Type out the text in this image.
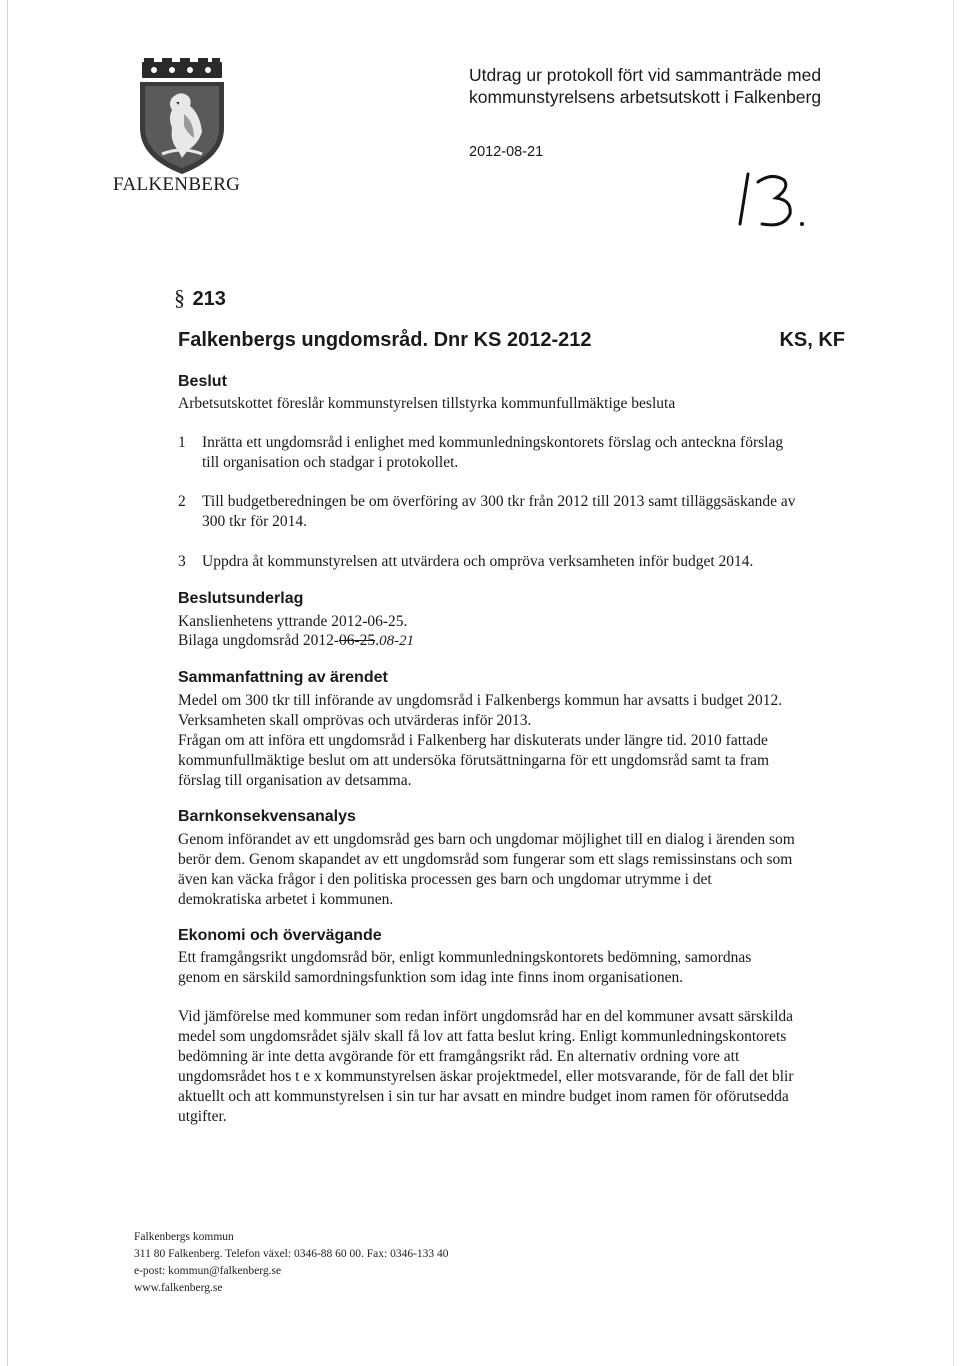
FALKENBERG
Utdrag ur protokoll fört vid sammanträde med
kommunstyrelsens arbetsutskott i Falkenberg
2012-08-21
§ 213
Falkenbergs ungdomsråd. Dnr KS 2012-212	KS, KF
Beslut
Arbetsutskottet föreslår kommunstyrelsen tillstyrka kommunfullmäktige besluta
1 Inrätta ett ungdomsråd i enlighet med kommunledningskontorets förslag och anteckna förslag
till organisation och stadgar i protokollet.
2 Till budgetberedningen be om överföring av 300 tkr från 2012 till 2013 samt tilläggsäskande av
300 tkr för 2014.
3 Uppdra åt kommunstyrelsen att utvärdera och ompröva verksamheten inför budget 2014.
Beslutsunderlag
Kanslienhetens yttrande 2012-06-25.
Bilaga ungdomsråd 2012-06-25. 08-21
Sammanfattning av ärendet
Medel om 300 tkr till införande av ungdomsråd i Falkenbergs kommun har avsatts i budget 2012.
Verksamheten skall omprövas och utvärderas inför 2013.
Frågan om att införa ett ungdomsråd i Falkenberg har diskuterats under längre tid. 2010 fattade
kommunfullmäktige beslut om att undersöka förutsättningarna för ett ungdomsråd samt ta fram
förslag till organisation av detsamma.
Barnkonsekvensanalys
Genom införandet av ett ungdomsråd ges barn och ungdomar möjlighet till en dialog i ärenden som
berör dem. Genom skapandet av ett ungdomsråd som fungerar som ett slags remissinstans och som
även kan väcka frågor i den politiska processen ges barn och ungdomar utrymme i det
demokratiska arbetet i kommunen.
Ekonomi och övervägande
Ett framgångsrikt ungdomsråd bör, enligt kommunledningskontorets bedömning, samordnas
genom en särskild samordningsfunktion som idag inte finns inom organisationen.
Vid jämförelse med kommuner som redan infört ungdomsråd har en del kommuner avsatt särskilda
medel som ungdomsrådet själv skall få lov att fatta beslut kring. Enligt kommunledningskontorets
bedömning är inte detta avgörande för ett framgångsrikt råd. En alternativ ordning vore att
ungdomsrådet hos t e x kommunstyrelsen äskar projektmedel, eller motsvarande, för de fall det blir
aktuellt och att kommunstyrelsen i sin tur har avsatt en mindre budget inom ramen för oförutsedda
utgifter.
Falkenbergs kommun
311 80 Falkenberg. Telefon växel: 0346-88 60 00. Fax: 0346-133 40
e-post: kommun@falkenberg.se
www.falkenberg.se
